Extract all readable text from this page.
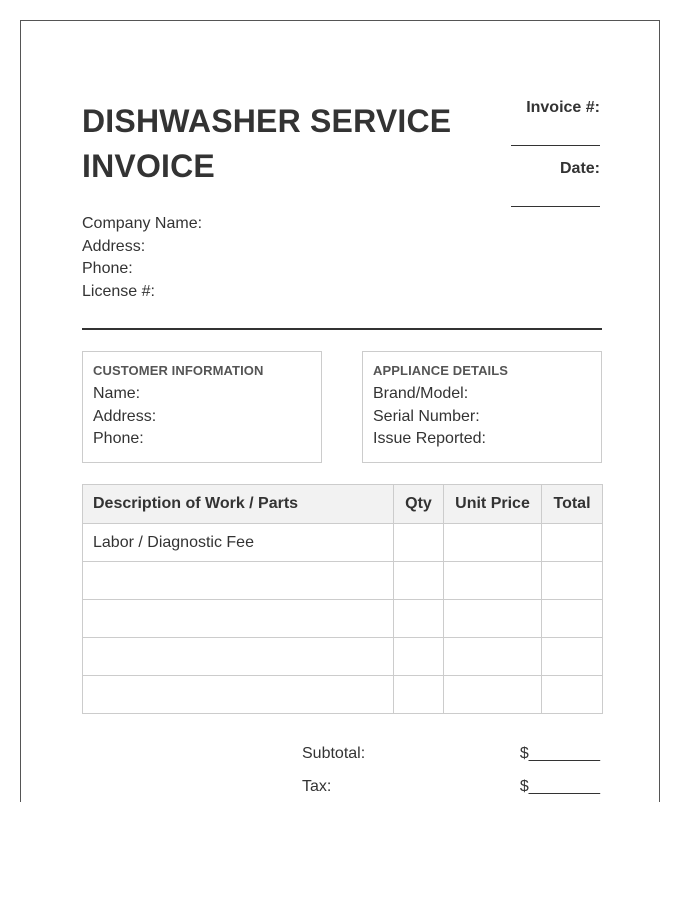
DISHWASHER SERVICE
INVOICE
Invoice #:
Date:
Company Name:
Address:
Phone:
License #:
CUSTOMER INFORMATION
Name:
Address:
Phone:
APPLIANCE DETAILS
Brand/Model:
Serial Number:
Issue Reported:
Description of Work / Parts	Qty	Unit Price	Total
Labor / Diagnostic Fee			

Subtotal:	$________
Tax:	$________
